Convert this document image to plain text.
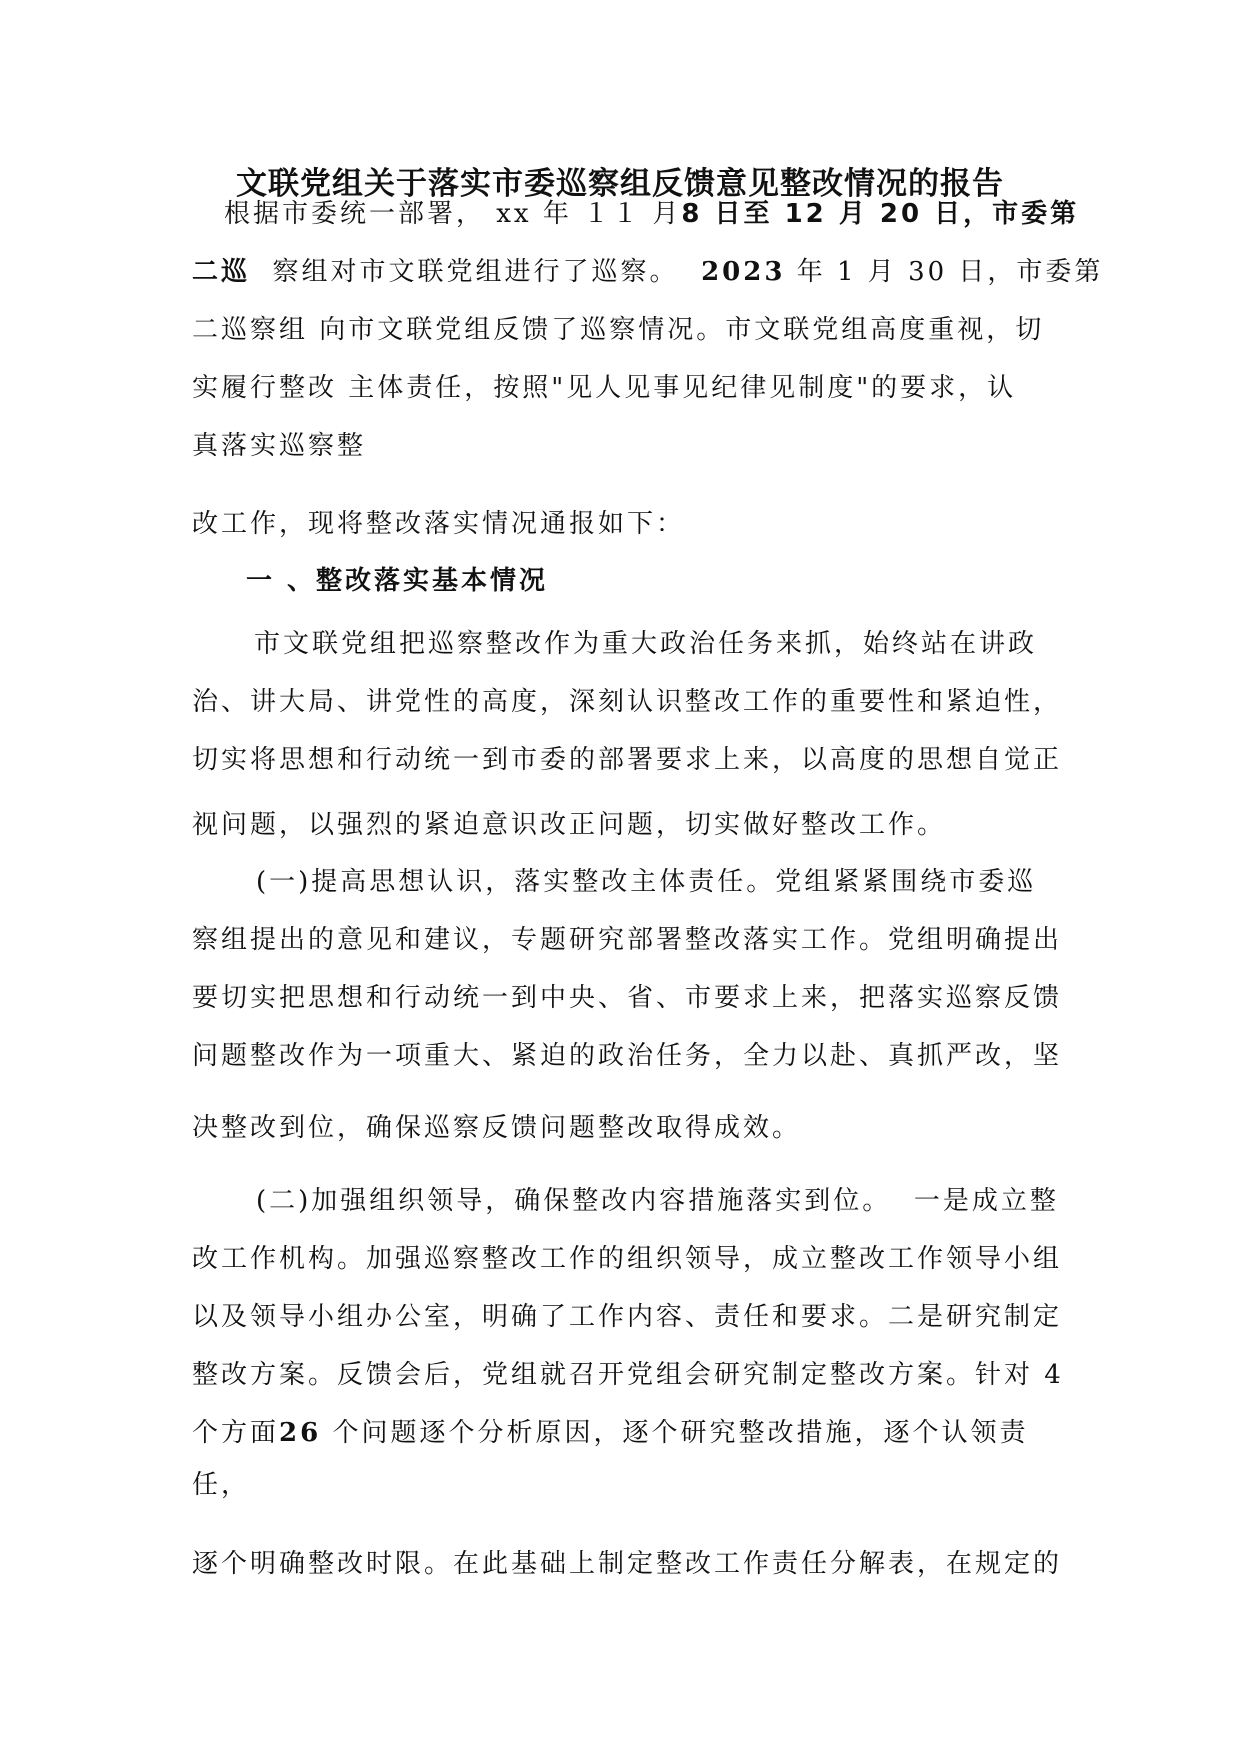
文联党组关于落实市委巡察组反馈意见整改情况的报告
根据市委统一部署， xx 年 １１ 月8 日至 12 月 20 日，市委第
二巡 察组对市文联党组进行了巡察。 2023 年 1 月 30 日，市委第
二巡察组 向市文联党组反馈了巡察情况。市文联党组高度重视，切
实履行整改 主体责任，按照"见人见事见纪律见制度"的要求，认
真落实巡察整
改工作，现将整改落实情况通报如下：
一 、整改落实基本情况
市文联党组把巡察整改作为重大政治任务来抓，始终站在讲政
治、讲大局、讲党性的高度，深刻认识整改工作的重要性和紧迫性，
切实将思想和行动统一到市委的部署要求上来，以高度的思想自觉正
视问题，以强烈的紧迫意识改正问题，切实做好整改工作。
(一)提高思想认识，落实整改主体责任。党组紧紧围绕市委巡
察组提出的意见和建议，专题研究部署整改落实工作。党组明确提出
要切实把思想和行动统一到中央、省、市要求上来，把落实巡察反馈
问题整改作为一项重大、紧迫的政治任务，全力以赴、真抓严改，坚
决整改到位，确保巡察反馈问题整改取得成效。
(二)加强组织领导，确保整改内容措施落实到位。  一是成立整
改工作机构。加强巡察整改工作的组织领导，成立整改工作领导小组
以及领导小组办公室，明确了工作内容、责任和要求。二是研究制定
整改方案。反馈会后，党组就召开党组会研究制定整改方案。针对 4
个方面26 个问题逐个分析原因，逐个研究整改措施，逐个认领责
任，
逐个明确整改时限。在此基础上制定整改工作责任分解表，在规定的
